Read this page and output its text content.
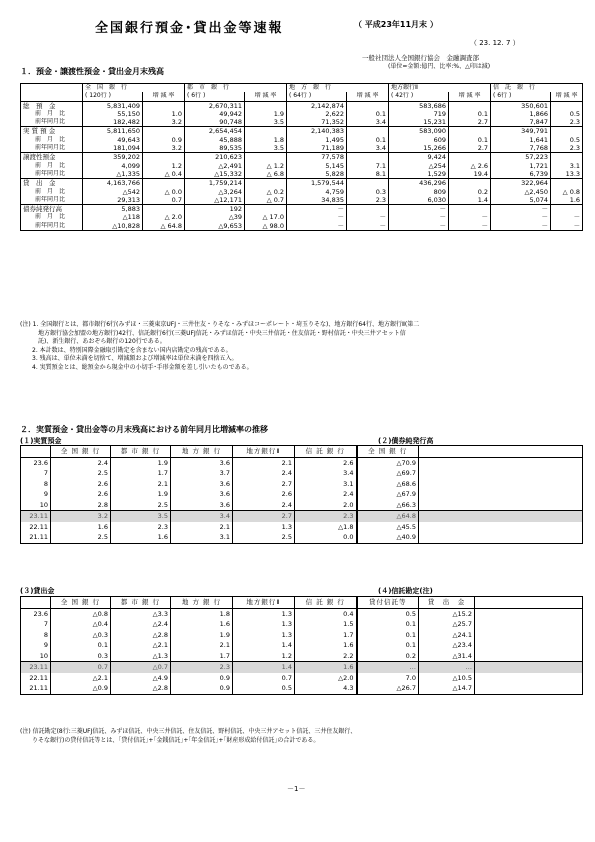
全国銀行預金･貸出金等速報	（ 平成23年11月末 ）
（ 23. 12. 7 ）
一般社団法人全国銀行協会　金融調査部
(単位=金額:億円、比率:%、△印は減)
１．預金・譲渡性預金・貸出金月末残高
	全　国　銀　行		都　市　銀　行		地　方　銀　行		地方銀行Ⅱ		信　託　銀　行	
	( 120行 )	増 減 率	( 6行 )	増 減 率	( 64行 )	増 減 率	( 42行 )	増 減 率	( 6行 )	増 減 率
総　預　金	5,831,409		2,670,311		2,142,874		583,686		350,601	
前　月　比	55,150	1.0	49,942	1.9	2,622	0.1	719	0.1	1,866	0.5
前年同月比	182,482	3.2	90,748	3.5	71,352	3.4	15,231	2.7	7,847	2.3
実 質 預 金	5,811,650		2,654,454		2,140,383		583,090		349,791	
前　月　比	49,643	0.9	45,888	1.8	1,495	0.1	609	0.1	1,641	0.5
前年同月比	181,094	3.2	89,535	3.5	71,189	3.4	15,266	2.7	7,768	2.3
譲渡性預金	359,202		210,623		77,578		9,424		57,223	
前　月　比	4,099	1.2	△2,491	△ 1.2	5,145	7.1	△254	△ 2.6	1,721	3.1
前年同月比	△1,335	△ 0.4	△15,332	△ 6.8	5,828	8.1	1,529	19.4	6,739	13.3
貸　出　金	4,163,766		1,759,214		1,579,544		436,296		322,964	
前　月　比	△542	△ 0.0	△3,264	△ 0.2	4,759	0.3	809	0.2	△2,450	△ 0.8
前年同月比	29,313	0.7	△12,171	△ 0.7	34,835	2.3	6,030	1.4	5,074	1.6
債券純発行高	5,883		192		－		－		－	
前　月　比	△118	△ 2.0	△39	△ 17.0	－	－	－	－	－	－
前年同月比	△10,828	△ 64.8	△9,653	△ 98.0	－	－	－	－	－	－
(注) 1. 全国銀行とは、都市銀行6行(みずほ・三菱東京UFJ・三井住友・りそな・みずほコーポレート・埼玉りそな)、地方銀行64行、地方銀行Ⅱ(第二
　　　地方銀行協会加盟の地方銀行)42行、信託銀行6行(三菱UFJ信託・みずほ信託・中央三井信託・住友信託・野村信託・中央三井アセット信
　　　託)、新生銀行、あおぞら銀行の120行である。
　　2. 本計数は、特別国際金融取引勘定を含まない国内店勘定の残高である。
　　3. 残高は、単位未満を切捨て、増減額および増減率は単位未満を四捨五入。
　　4. 実質預金とは、総預金から現金中の小切手･手形金額を差し引いたものである。
２．実質預金・貸出金等の月末残高における前年同月比増減率の推移
(１)実質預金	(２)債券純発行高
	全 国 銀 行	都 市 銀 行	地 方 銀 行	地方銀行Ⅱ	信 託 銀 行	全 国 銀 行	
23.6	2.4	1.9	3.6	2.1	2.6	△70.9	
7	2.5	1.7	3.7	2.4	3.4	△69.7	
8	2.6	2.1	3.6	2.7	3.1	△68.6	
9	2.6	1.9	3.6	2.6	2.4	△67.9	
10	2.8	2.5	3.6	2.4	2.0	△66.3	
23.11	3.2	3.5	3.4	2.7	2.3	△64.8	
22.11	1.6	2.3	2.1	1.3	△1.8	△45.5	
21.11	2.5	1.6	3.1	2.5	0.0	△40.9	
(３)貸出金	(４)信託勘定(注)
	全 国 銀 行	都 市 銀 行	地 方 銀 行	地方銀行Ⅱ	信 託 銀 行	貸付信託等	貸　出　金	
23.6	△0.8	△3.3	1.8	1.3	0.4	0.5	△15.2	
7	△0.4	△2.4	1.6	1.3	1.5	0.1	△25.7	
8	△0.3	△2.8	1.9	1.3	1.7	0.1	△24.1	
9	0.1	△2.1	2.1	1.4	1.6	0.1	△23.4	
10	0.3	△1.3	1.7	1.2	2.2	0.2	△31.4	
23.11	0.7	△0.7	2.3	1.4	1.6	…	…	
22.11	△2.1	△4.9	0.9	0.7	△2.0	7.0	△10.5	
21.11	△0.9	△2.8	0.9	0.5	4.3	△26.7	△14.7	
(注) 信託勘定(8行:三菱UFJ信託、みずほ信託、中央三井信託、住友信託、野村信託、中央三井アセット信託、三井住友銀行、
　　りそな銀行)の貸付信託等とは、｢貸付信託｣+｢金銭信託｣+｢年金信託｣+｢財産形成給付信託｣の合計である。
－1－
